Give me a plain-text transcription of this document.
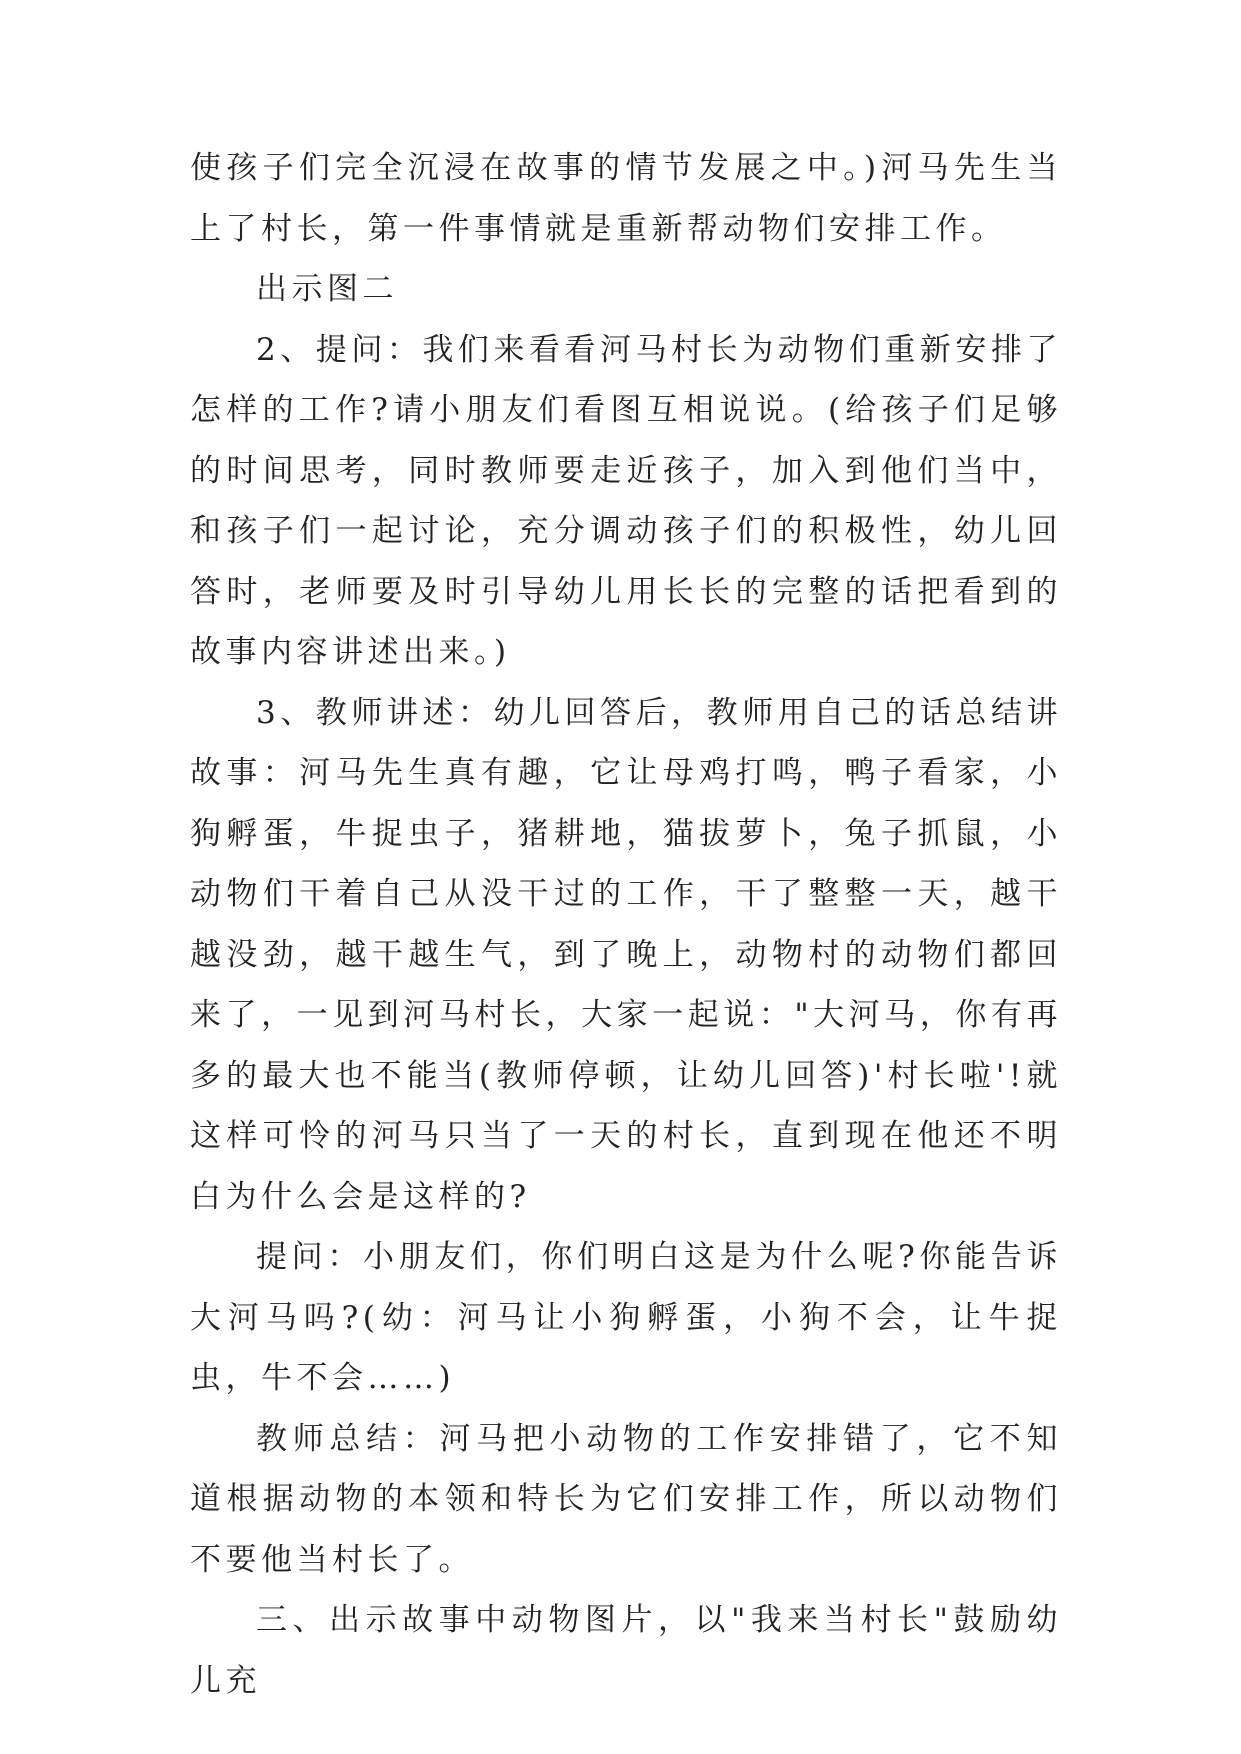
使孩子们完全沉浸在故事的情节发展之中。)河马先生当上了村长，第一件事情就是重新帮动物们安排工作。

出示图二

2、提问：我们来看看河马村长为动物们重新安排了怎样的工作?请小朋友们看图互相说说。(给孩子们足够的时间思考，同时教师要走近孩子，加入到他们当中，和孩子们一起讨论，充分调动孩子们的积极性，幼儿回答时，老师要及时引导幼儿用长长的完整的话把看到的故事内容讲述出来。)

3、教师讲述：幼儿回答后，教师用自己的话总结讲故事：河马先生真有趣，它让母鸡打鸣，鸭子看家，小狗孵蛋，牛捉虫子，猪耕地，猫拔萝卜，兔子抓鼠，小动物们干着自己从没干过的工作，干了整整一天，越干越没劲，越干越生气，到了晚上，动物村的动物们都回来了，一见到河马村长，大家一起说："大河马，你有再多的最大也不能当(教师停顿，让幼儿回答)'村长啦'!就这样可怜的河马只当了一天的村长，直到现在他还不明白为什么会是这样的?

提问：小朋友们，你们明白这是为什么呢?你能告诉大河马吗?(幼：河马让小狗孵蛋，小狗不会，让牛捉虫，牛不会……)

教师总结：河马把小动物的工作安排错了，它不知道根据动物的本领和特长为它们安排工作，所以动物们不要他当村长了。

三、出示故事中动物图片，以"我来当村长"鼓励幼儿充
